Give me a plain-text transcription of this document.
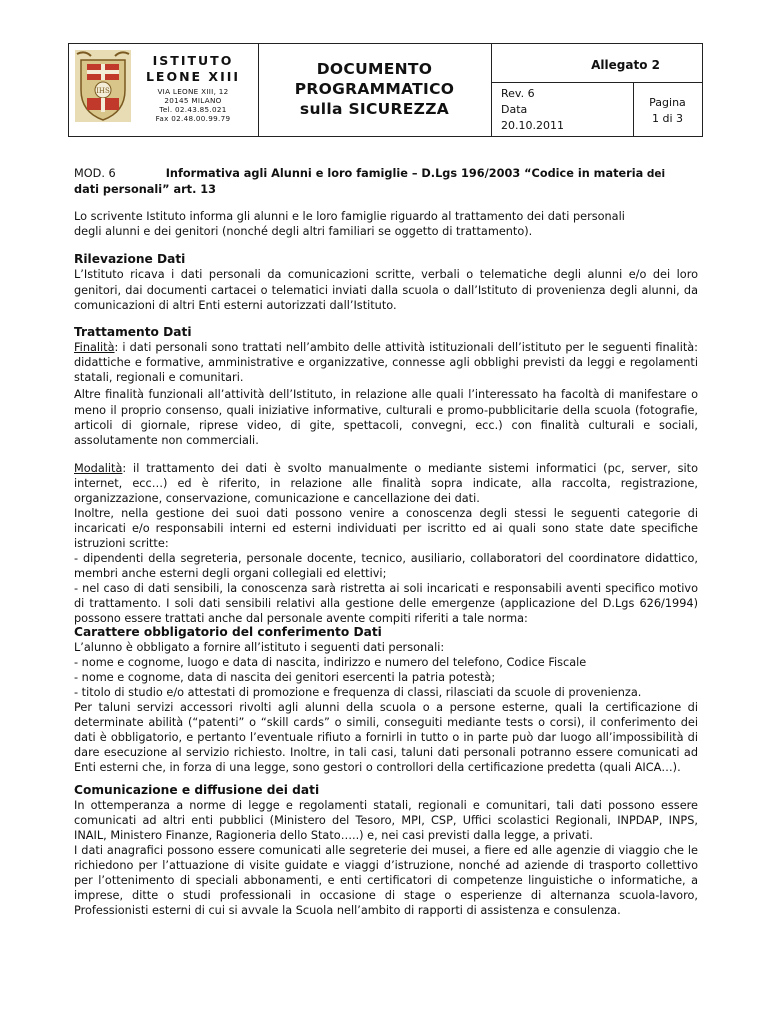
IHS
ISTITUTO
LEONE XIII
VIA LEONE XIII, 12
20145 MILANO
Tel. 02.43.85.021
Fax 02.48.00.99.79
DOCUMENTO
PROGRAMMATICO
sulla SICUREZZA
Allegato 2
Rev. 6
Data
20.10.2011
Pagina
1 di 3
MOD. 6	Informativa agli Alunni e loro famiglie – D.Lgs 196/2003 “Codice in materia dei
dati personali” art. 13
Lo scrivente Istituto informa gli alunni e le loro famiglie riguardo al trattamento dei dati personali
degli alunni e dei genitori (nonché degli altri familiari se oggetto di trattamento).
Rilevazione Dati
L’Istituto ricava i dati personali da comunicazioni scritte, verbali o telematiche degli alunni e/o dei loro
genitori, dai documenti cartacei o telematici inviati dalla scuola o dall’Istituto di provenienza degli alunni, da
comunicazioni di altri Enti esterni autorizzati dall’Istituto.
Trattamento Dati
Finalità: i dati personali sono trattati nell’ambito delle attività istituzionali dell’istituto per le seguenti finalità:
didattiche e formative, amministrative e organizzative, connesse agli obblighi previsti da leggi e regolamenti
statali, regionali e comunitari.
Altre finalità funzionali all’attività dell’Istituto, in relazione alle quali l’interessato ha facoltà di manifestare o
meno il proprio consenso, quali iniziative informative, culturali e promo-pubblicitarie della scuola (fotografie,
articoli di giornale, riprese video, di gite, spettacoli, convegni, ecc.) con finalità culturali e sociali,
assolutamente non commerciali.
Modalità: il trattamento dei dati è svolto manualmente o mediante sistemi informatici (pc, server, sito
internet, ecc…) ed è riferito, in relazione alle finalità sopra indicate, alla raccolta, registrazione,
organizzazione, conservazione, comunicazione e cancellazione dei dati.
Inoltre, nella gestione dei suoi dati possono venire a conoscenza degli stessi le seguenti categorie di
incaricati e/o responsabili interni ed esterni individuati per iscritto ed ai quali sono state date specifiche
istruzioni scritte:
- dipendenti della segreteria, personale docente, tecnico, ausiliario, collaboratori del coordinatore didattico,
membri anche esterni degli organi collegiali ed elettivi;
- nel caso di dati sensibili, la conoscenza sarà ristretta ai soli incaricati e responsabili aventi specifico motivo
di trattamento. I soli dati sensibili relativi alla gestione delle emergenze (applicazione del D.Lgs 626/1994)
possono essere trattati anche dal personale avente compiti riferiti a tale norma:
Carattere obbligatorio del conferimento Dati
L’alunno è obbligato a fornire all’istituto i seguenti dati personali:
- nome e cognome, luogo e data di nascita, indirizzo e numero del telefono, Codice Fiscale
- nome e cognome, data di nascita dei genitori esercenti la patria potestà;
- titolo di studio e/o attestati di promozione e frequenza di classi, rilasciati da scuole di provenienza.
Per taluni servizi accessori rivolti agli alunni della scuola o a persone esterne, quali la certificazione di
determinate abilità (“patenti” o “skill cards” o simili, conseguiti mediante tests o corsi), il conferimento dei
dati è obbligatorio, e pertanto l’eventuale rifiuto a fornirli in tutto o in parte può dar luogo all’impossibilità di
dare esecuzione al servizio richiesto. Inoltre, in tali casi, taluni dati personali potranno essere comunicati ad
Enti esterni che, in forza di una legge, sono gestori o controllori della certificazione predetta (quali AICA…).
Comunicazione e diffusione dei dati
In ottemperanza a norme di legge e regolamenti statali, regionali e comunitari, tali dati possono essere
comunicati ad altri enti pubblici (Ministero del Tesoro, MPI, CSP, Uffici scolastici Regionali, INPDAP, INPS,
INAIL, Ministero Finanze, Ragioneria dello Stato…..) e, nei casi previsti dalla legge, a privati.
I dati anagrafici possono essere comunicati alle segreterie dei musei, a fiere ed alle agenzie di viaggio che le
richiedono per l’attuazione di visite guidate e viaggi d’istruzione, nonché ad aziende di trasporto collettivo
per l’ottenimento di speciali abbonamenti, e enti certificatori di competenze linguistiche o informatiche, a
imprese, ditte o studi professionali in occasione di stage o esperienze di alternanza scuola-lavoro,
Professionisti esterni di cui si avvale la Scuola nell’ambito di rapporti di assistenza e consulenza.
